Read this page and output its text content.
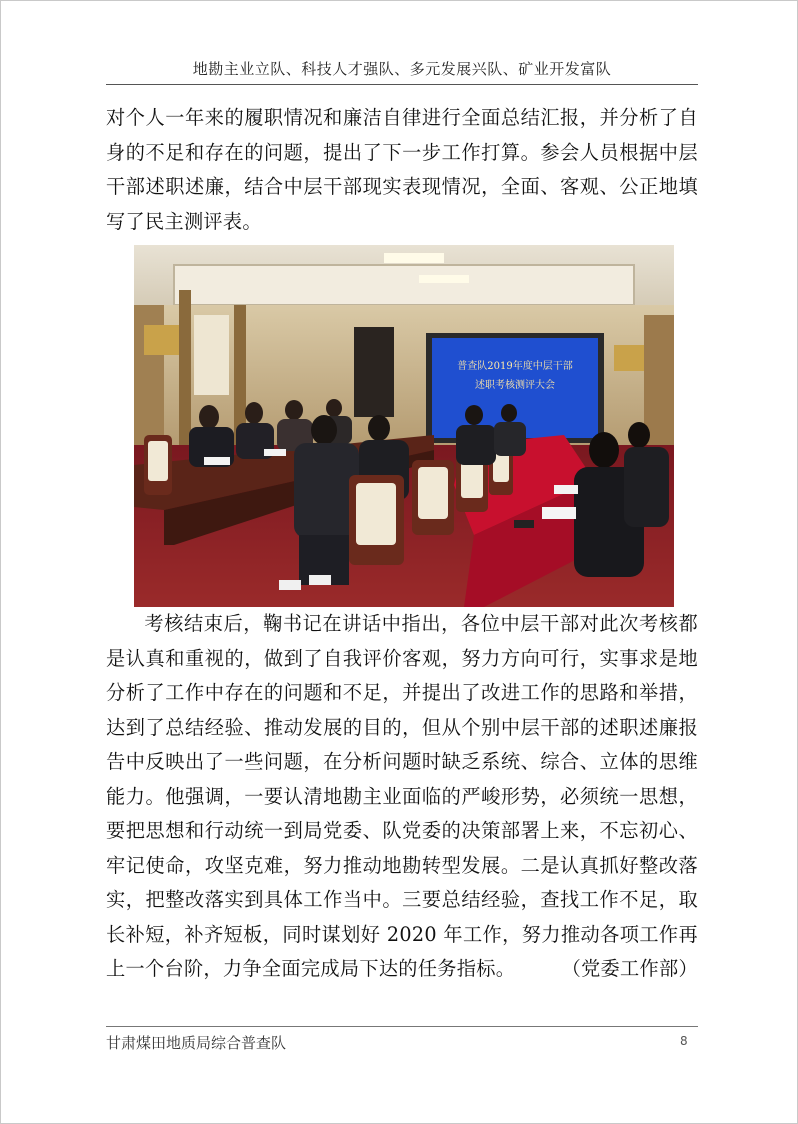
地勘主业立队、科技人才强队、多元发展兴队、矿业开发富队
对个人一年来的履职情况和廉洁自律进行全面总结汇报，并分析了自身的不足和存在的问题，提出了下一步工作打算。参会人员根据中层干部述职述廉，结合中层干部现实表现情况，全面、客观、公正地填写了民主测评表。
普查队2019年度中层干部
述职考核测评大会
考核结束后，鞠书记在讲话中指出，各位中层干部对此次考核都是认真和重视的，做到了自我评价客观，努力方向可行，实事求是地分析了工作中存在的问题和不足，并提出了改进工作的思路和举措，达到了总结经验、推动发展的目的，但从个别中层干部的述职述廉报告中反映出了一些问题，在分析问题时缺乏系统、综合、立体的思维能力。他强调，一要认清地勘主业面临的严峻形势，必须统一思想，要把思想和行动统一到局党委、队党委的决策部署上来，不忘初心、牢记使命，攻坚克难，努力推动地勘转型发展。二是认真抓好整改落实，把整改落实到具体工作当中。三要总结经验，查找工作不足，取长补短，补齐短板，同时谋划好 2020 年工作，努力推动各项工作再上一个台阶，力争全面完成局下达的任务指标。	（党委工作部）
甘肃煤田地质局综合普查队	8
